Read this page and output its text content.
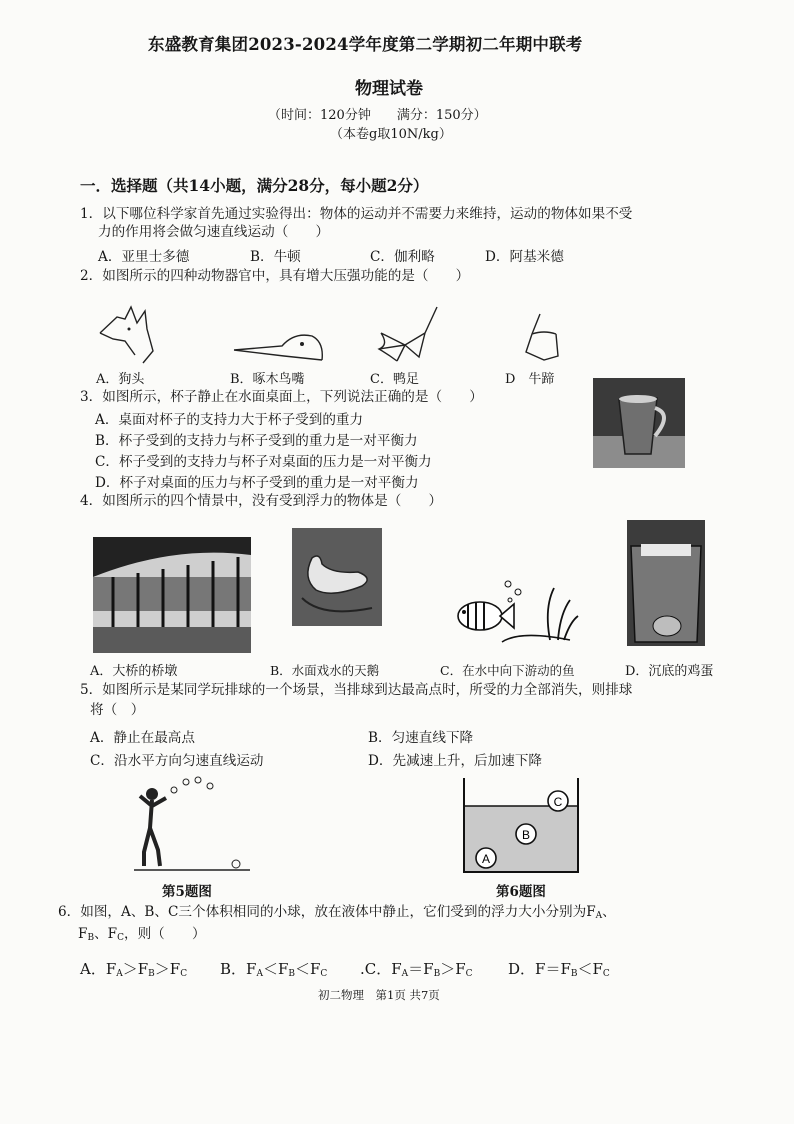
东盛教育集团2023-2024学年度第二学期初二年期中联考
物理试卷
（时间：120分钟　　满分：150分）
（本卷g取10N/kg）
一．选择题（共14小题，满分28分，每小题2分）
1．以下哪位科学家首先通过实验得出：物体的运动并不需要力来维持，运动的物体如果不受
力的作用将会做匀速直线运动（　　）
A．亚里士多德	B．牛顿	C．伽利略	D．阿基米德
2．如图所示的四种动物器官中，具有增大压强功能的是（　　）
A．狗头	B．啄木鸟嘴	C．鸭足	D　牛蹄
3．如图所示，杯子静止在水面桌面上，下列说法正确的是（　　）
A．桌面对杯子的支持力大于杯子受到的重力
B．杯子受到的支持力与杯子受到的重力是一对平衡力
C．杯子受到的支持力与杯子对桌面的压力是一对平衡力
D．杯子对桌面的压力与杯子受到的重力是一对平衡力
4．如图所示的四个情景中，没有受到浮力的物体是（　　）
A．大桥的桥墩	B．水面戏水的天鹅	C．在水中向下游动的鱼	D．沉底的鸡蛋
5．如图所示是某同学玩排球的一个场景，当排球到达最高点时，所受的力全部消失，则排球
将（　）
A．静止在最高点	B．匀速直线下降
C．沿水平方向匀速直线运动	D．先减速上升，后加速下降
C
B
A
第5题图	第6题图
6．如图，A、B、C三个体积相同的小球，放在液体中静止，它们受到的浮力大小分别为$F_A$、
$F_B$、$F_C$，则（　　）
A．$F_A>F_B>F_C$ B．$F_A<F_B<F_C$ .C．$F_A=F_B>F_C$ D．$F=F_B<F_C$
初二物理　第1页 共7页
